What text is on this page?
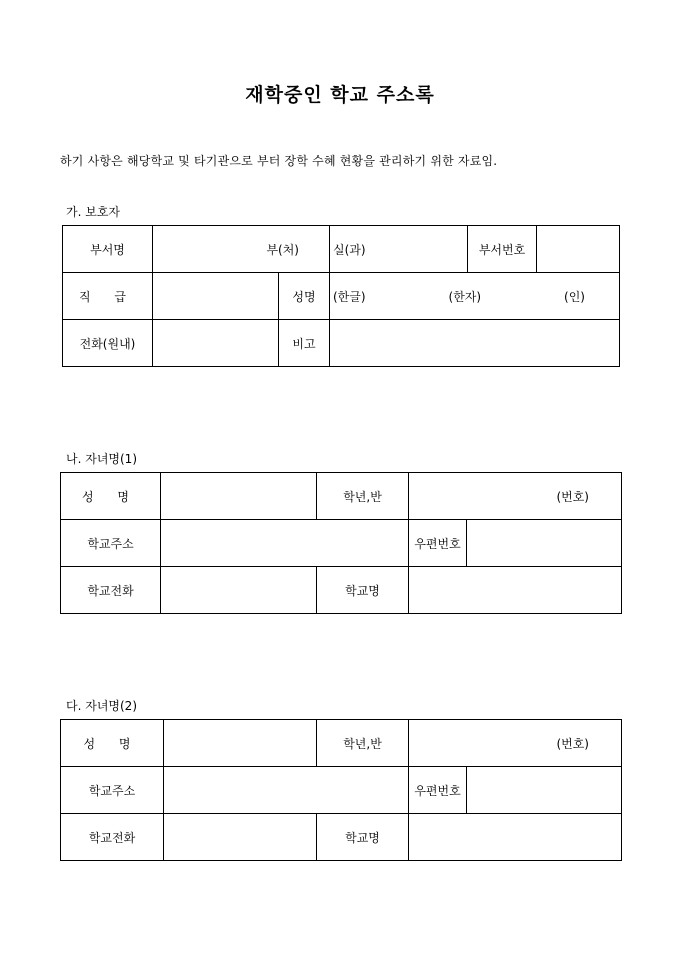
재학중인 학교 주소록
하기 사항은 해당학교 및 타기관으로 부터 장학 수혜 현황을 관리하기 위한 자료임.
가. 보호자
부서명	부(처)		실(과)	부서번호	
직 급		성명	(한글) (한자) (인)		

전화(원내)		비고			
나. 자녀명(1)
성 명		학년,반	(번호)	
학교주소			우편번호	
학교전화		학교명		
다. 자녀명(2)
성 명		학년,반	(번호)	
학교주소			우편번호	
학교전화		학교명		
